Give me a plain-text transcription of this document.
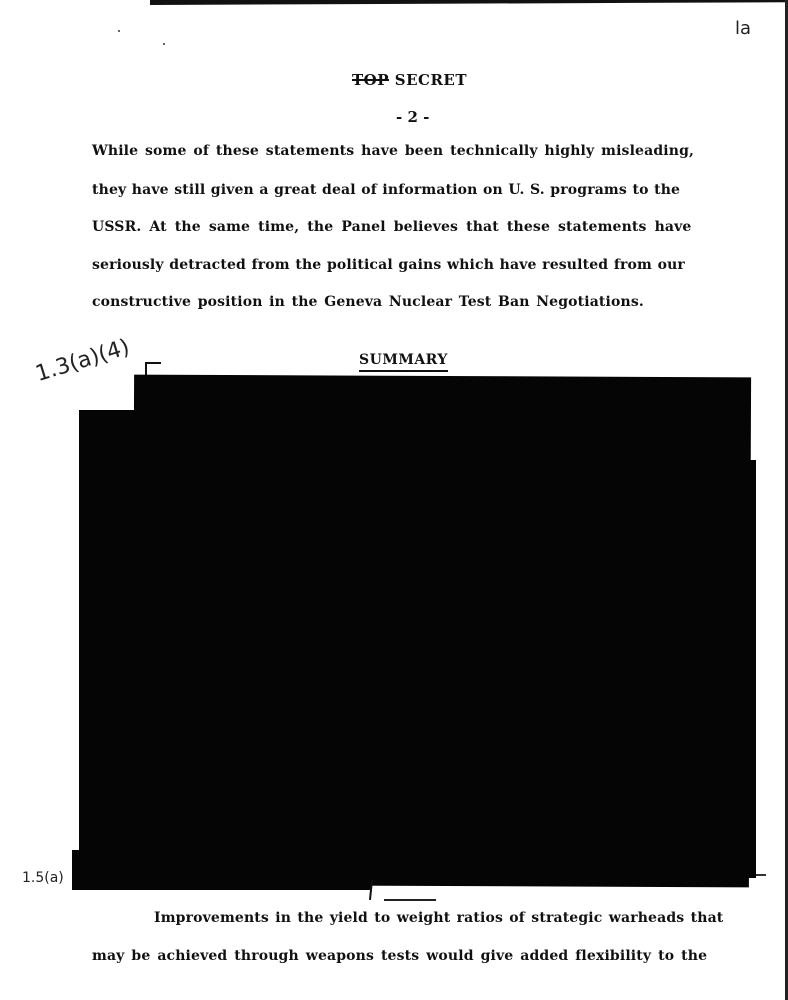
la
1.3(a)(4)
1.5(a)
TOP SECRET
- 2 -
While some of these statements have been technically highly misleading,
they have still given a great deal of information on U. S. programs to the
USSR. At the same time, the Panel believes that these statements have
seriously detracted from the political gains which have resulted from our
constructive position in the Geneva Nuclear Test Ban Negotiations.
SUMMARY
Improvements in the yield to weight ratios of strategic warheads that
may be achieved through weapons tests would give added flexibility to the
